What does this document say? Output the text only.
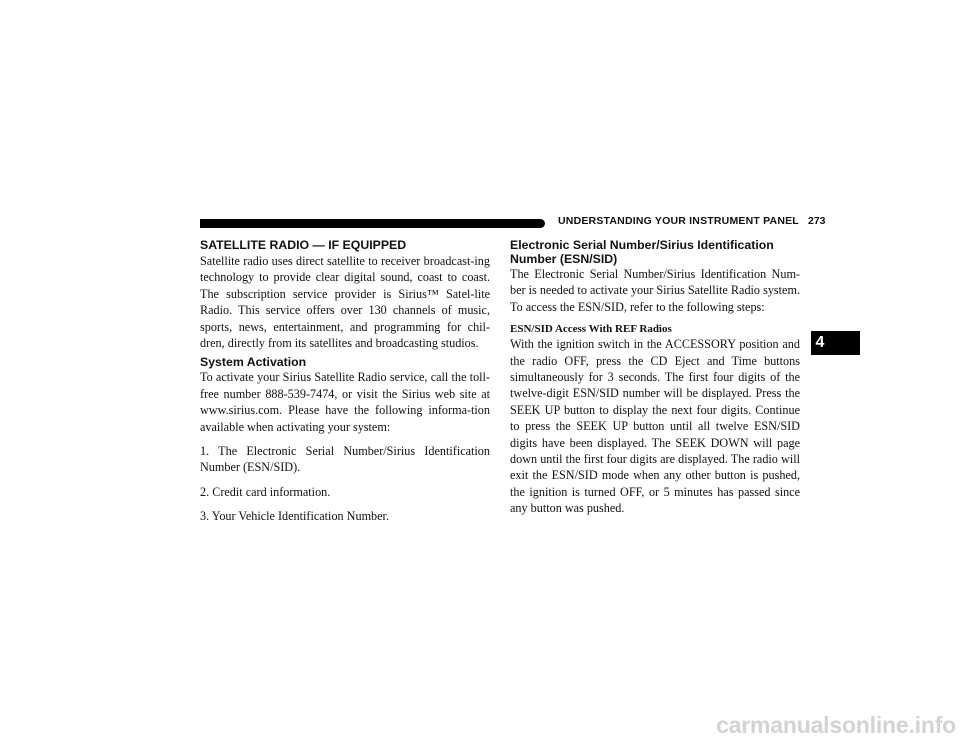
UNDERSTANDING YOUR INSTRUMENT PANEL 273
SATELLITE RADIO — IF EQUIPPED

Satellite radio uses direct satellite to receiver broadcast-ing technology to provide clear digital sound, coast to coast. The subscription service provider is Sirius™ Satel-lite Radio. This service offers over 130 channels of music, sports, news, entertainment, and programming for chil-dren, directly from its satellites and broadcasting studios.

System Activation

To activate your Sirius Satellite Radio service, call the toll-free number 888-539-7474, or visit the Sirius web site at www.sirius.com. Please have the following informa-tion available when activating your system:

1. The Electronic Serial Number/Sirius Identification Number (ESN/SID).

2. Credit card information.

3. Your Vehicle Identification Number.

Electronic Serial Number/Sirius Identification
Number (ESN/SID)

The Electronic Serial Number/Sirius Identification Num-ber is needed to activate your Sirius Satellite Radio system. To access the ESN/SID, refer to the following steps:

ESN/SID Access With REF Radios

With the ignition switch in the ACCESSORY position and the radio OFF, press the CD Eject and Time buttons simultaneously for 3 seconds. The first four digits of the twelve-digit ESN/SID number will be displayed. Press the SEEK UP button to display the next four digits. Continue to press the SEEK UP button until all twelve ESN/SID digits have been displayed. The SEEK DOWN will page down until the first four digits are displayed. The radio will exit the ESN/SID mode when any other button is pushed, the ignition is turned OFF, or 5 minutes has passed since any button was pushed.

4
carmanualsonline.info
